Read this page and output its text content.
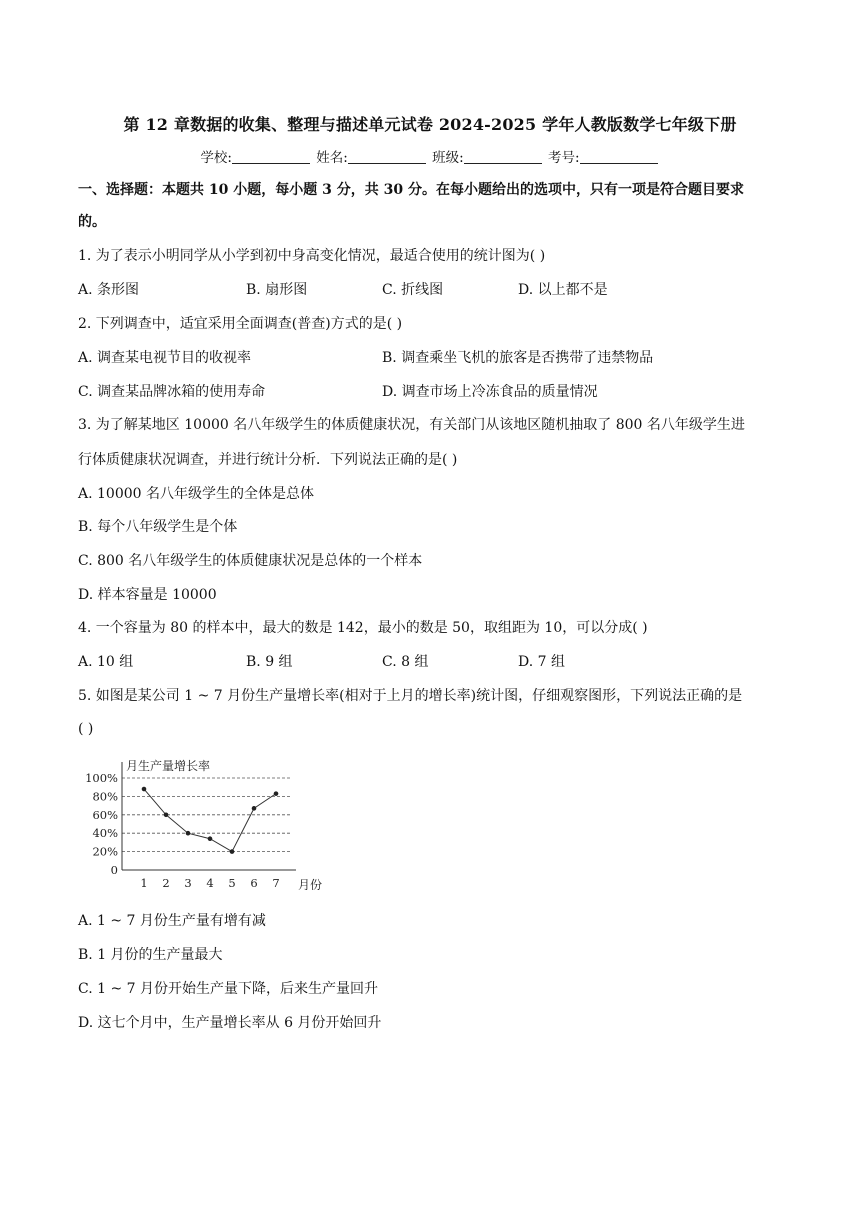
第 12 章数据的收集、整理与描述单元试卷 2024-2025 学年人教版数学七年级下册
学校:	姓名:	班级:	考号:
一、选择题：本题共 10 小题，每小题 3 分，共 30 分。在每小题给出的选项中，只有一项是符合题目要求
的。
1. 为了表示小明同学从小学到初中身高变化情况，最适合使用的统计图为( )
A. 条形图	B. 扇形图	C. 折线图	D. 以上都不是
2. 下列调查中，适宜采用全面调查(普查)方式的是( )
A. 调查某电视节目的收视率	B. 调查乘坐飞机的旅客是否携带了违禁物品
C. 调查某品牌冰箱的使用寿命	D. 调查市场上冷冻食品的质量情况
3. 为了解某地区 10000 名八年级学生的体质健康状况，有关部门从该地区随机抽取了 800 名八年级学生进
行体质健康状况调查，并进行统计分析．下列说法正确的是( )
A. 10000 名八年级学生的全体是总体
B. 每个八年级学生是个体
C. 800 名八年级学生的体质健康状况是总体的一个样本
D. 样本容量是 10000
4. 一个容量为 80 的样本中，最大的数是 142，最小的数是 50，取组距为 10，可以分成( )
A. 10 组	B. 9 组	C. 8 组	D. 7 组
5. 如图是某公司 1 ~ 7 月份生产量增长率(相对于上月的增长率)统计图，仔细观察图形，下列说法正确的是
( )
月生产量增长率
0
20%
40%
60%
80%
100%
1 2 3 4 5 6 7 月份
A. 1 ~ 7 月份生产量有增有减
B. 1 月份的生产量最大
C. 1 ~ 7 月份开始生产量下降，后来生产量回升
D. 这七个月中，生产量增长率从 6 月份开始回升
